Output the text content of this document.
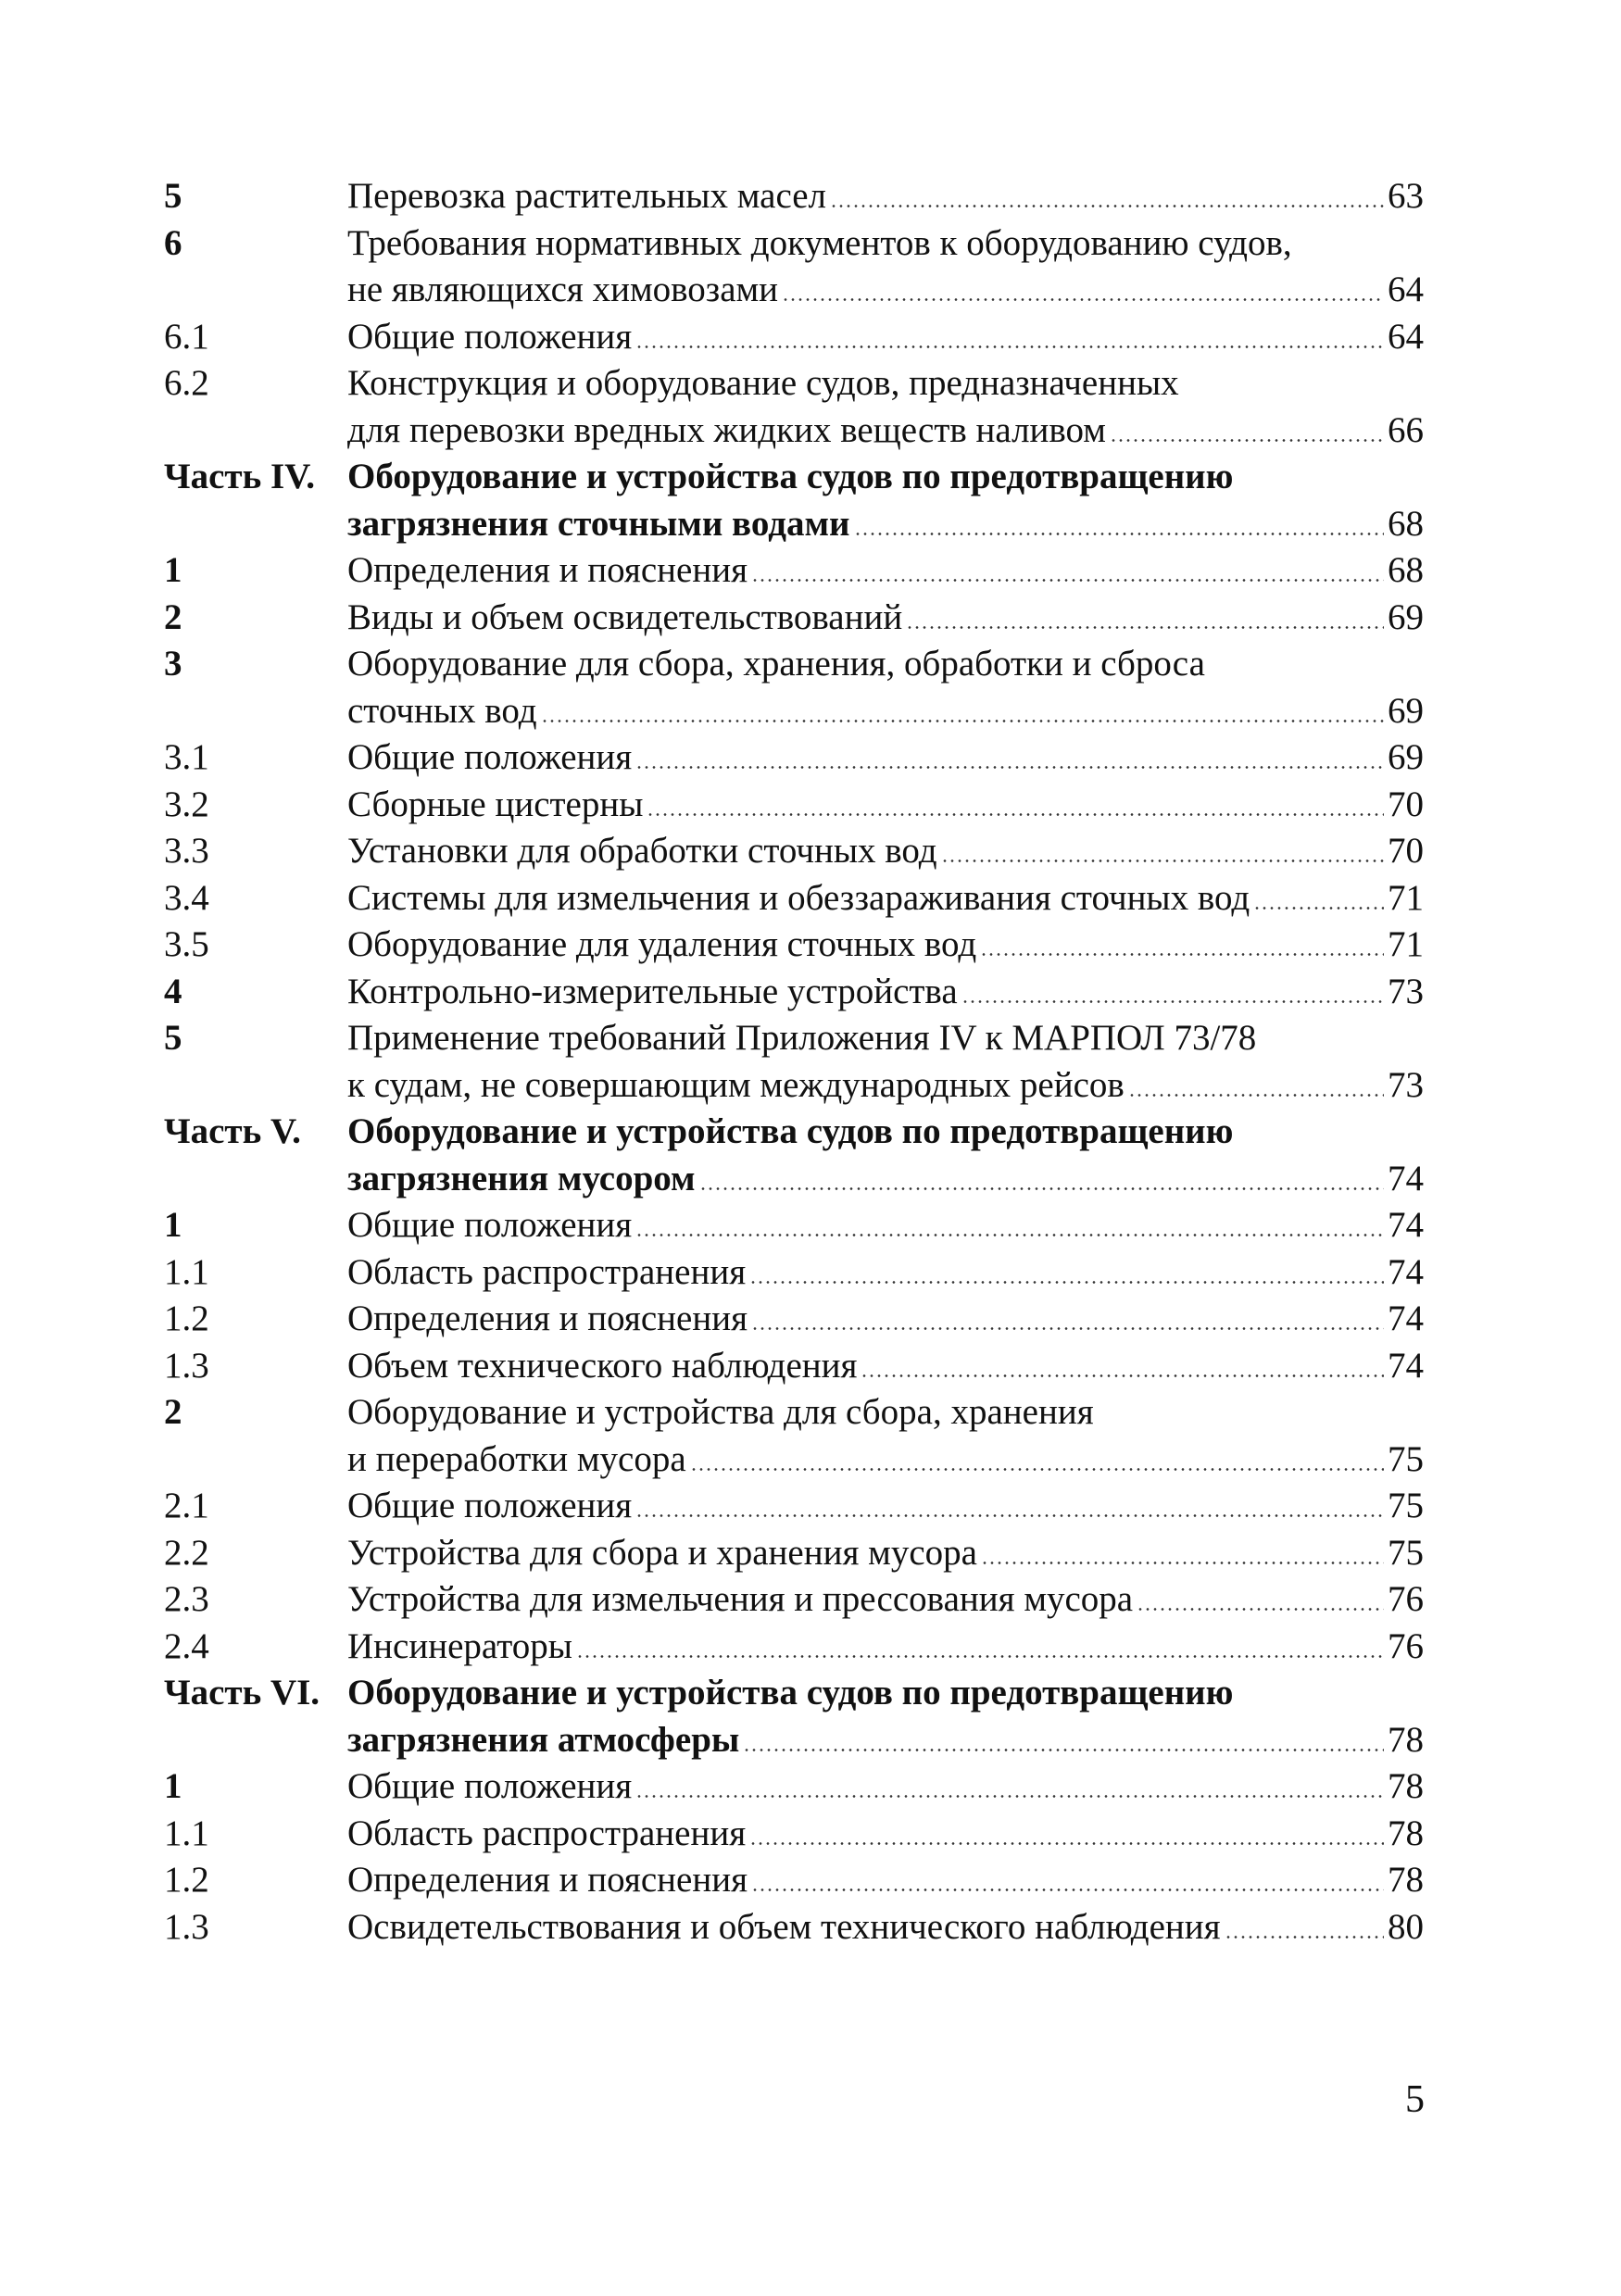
5	Перевозка растительных масел	63
6	Требования нормативных документов к оборудованию судов,
не являющихся химовозами	64
6.1	Общие положения	64
6.2	Конструкция и оборудование судов, предназначенных
для перевозки вредных жидких веществ наливом	66
Часть IV. Оборудование и устройства судов по предотвращению
загрязнения сточными водами	68
1	Определения и пояснения	68
2	Виды и объем освидетельствований	69
3	Оборудование для сбора, хранения, обработки и сброса
сточных вод	69
3.1	Общие положения	69
3.2	Сборные цистерны	70
3.3	Установки для обработки сточных вод	70
3.4	Системы для измельчения и обеззараживания сточных вод	71
3.5	Оборудование для удаления сточных вод	71
4	Контрольно-измерительные устройства	73
5	Применение требований Приложения IV к МАРПОЛ 73/78
к судам, не совершающим международных рейсов	73
Часть V.	Оборудование и устройства судов по предотвращению
загрязнения мусором	74
1	Общие положения	74
1.1	Область распространения	74
1.2	Определения и пояснения	74
1.3	Объем технического наблюдения	74
2	Оборудование и устройства для сбора, хранения
и переработки мусора	75
2.1	Общие положения	75
2.2	Устройства для сбора и хранения мусора	75
2.3	Устройства для измельчения и прессования мусора	76
2.4	Инсинераторы	76
Часть VI. Оборудование и устройства судов по предотвращению
загрязнения атмосферы	78
1	Общие положения	78
1.1	Область распространения	78
1.2	Определения и пояснения	78
1.3	Освидетельствования и объем технического наблюдения	80
5
